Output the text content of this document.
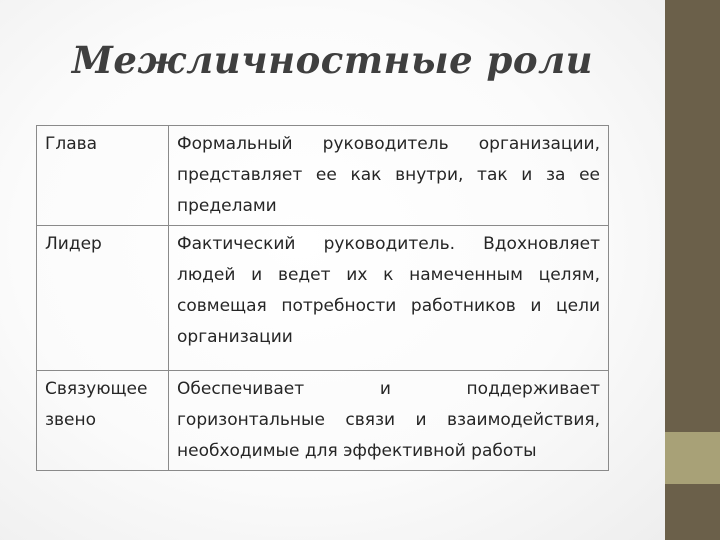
Межличностные роли
Глава	Формальный руководитель организации, представляет ее как внутри, так и за ее пределами
Лидер	Фактический руководитель. Вдохновляет людей и ведет их к намеченным целям, совмещая потребности работников и цели организации
Связующее звено	Обеспечивает и поддерживает горизонтальные связи и взаимодействия, необходимые для эффективной работы
